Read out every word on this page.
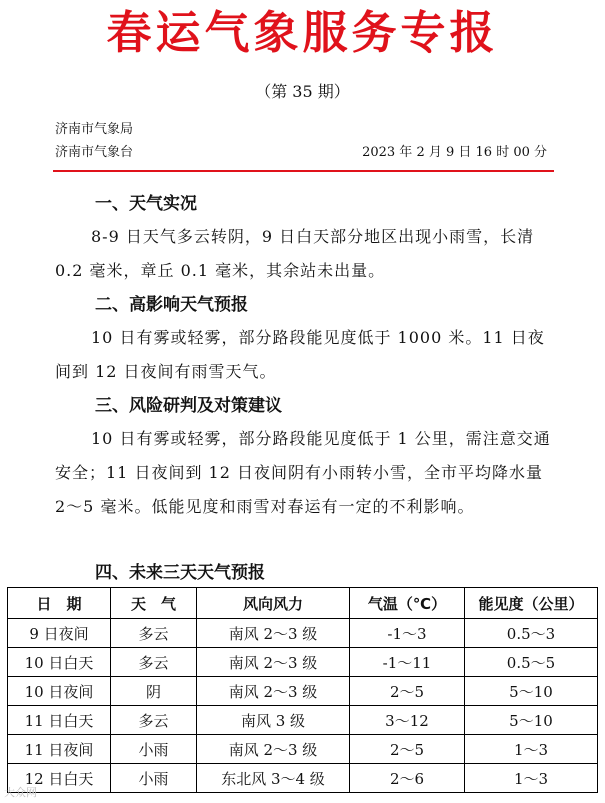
春运气象服务专报
（第 35 期）
济南市气象局
济南市气象台	2023 年 2 月 9 日 16 时 00 分
一、天气实况
8-9 日天气多云转阴，9 日白天部分地区出现小雨雪，长清 0.2 毫米，章丘 0.1 毫米，其余站未出量。
二、高影响天气预报
10 日有雾或轻雾，部分路段能见度低于 1000 米。11 日夜间到 12 日夜间有雨雪天气。
三、风险研判及对策建议
10 日有雾或轻雾，部分路段能见度低于 1 公里，需注意交通安全；11 日夜间到 12 日夜间阴有小雨转小雪，全市平均降水量 2～5 毫米。低能见度和雨雪对春运有一定的不利影响。
四、未来三天天气预报
日　期	天　气	风向风力	气温（℃）	能见度（公里）
9 日夜间	多云	南风 2～3 级	-1～3	0.5～3
10 日白天	多云	南风 2～3 级	-1～11	0.5～5
10 日夜间	阴	南风 2～3 级	2～5	5～10
11 日白天	多云	南风 3 级	3～12	5～10
11 日夜间	小雨	南风 2～3 级	2～5	1～3
12 日白天	小雨	东北风 3～4 级	2～6	1～3
大众网
